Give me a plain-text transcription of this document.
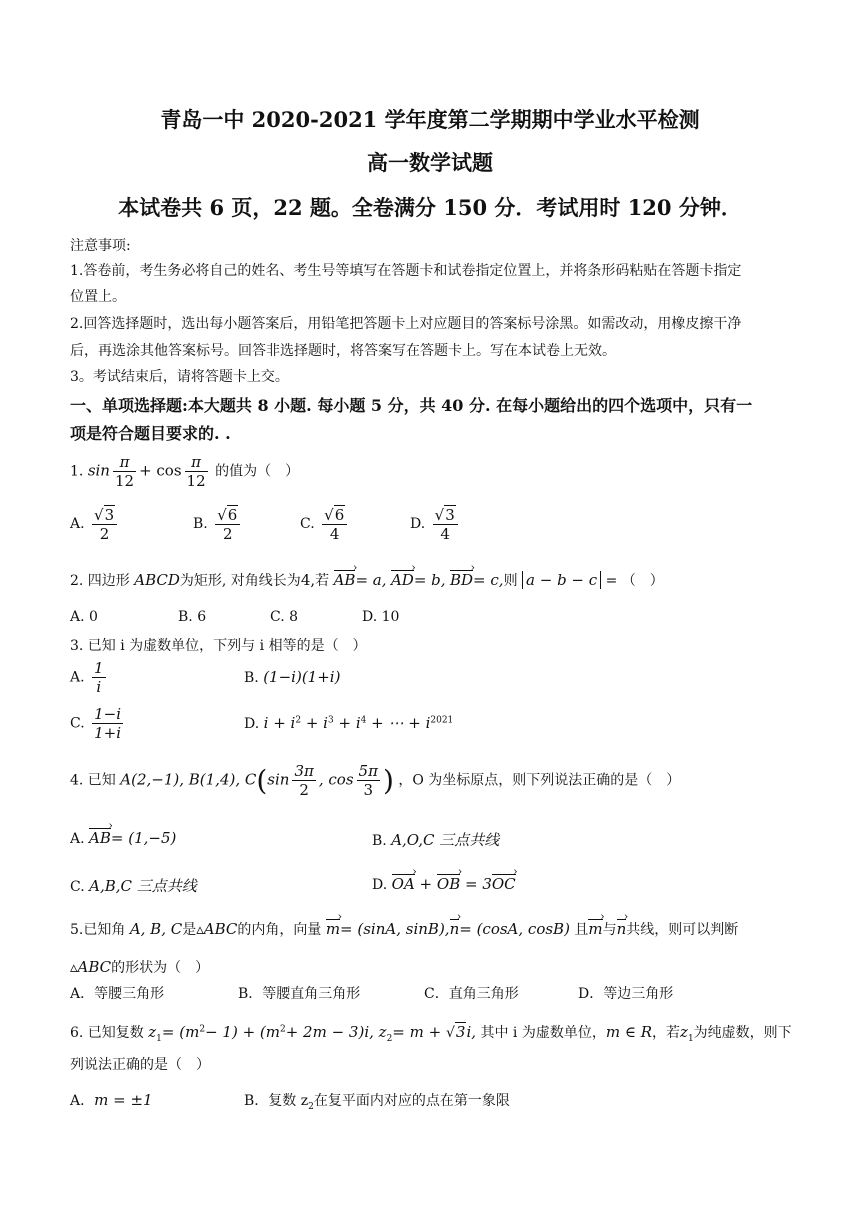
青岛一中 2020-2021 学年度第二学期期中学业水平检测
高一数学试题
本试卷共 6 页，22 题。全卷满分 150 分．考试用时 120 分钟．
注意事项:
1.答卷前，考生务必将自己的姓名、考生号等填写在答题卡和试卷指定位置上，并将条形码粘贴在答题卡指定
位置上。
2.回答选择题时，选出每小题答案后，用铅笔把答题卡上对应题目的答案标号涂黑。如需改动，用橡皮擦干净
后，再选涂其他答案标号。回答非选择题时，将答案写在答题卡上。写在本试卷上无效。
3。考试结束后，请将答题卡上交。
一、单项选择题:本大题共 8 小题. 每小题 5 分，共 40 分. 在每小题给出的四个选项中，只有一
项是符合题目要求的. .
1. $\sin \frac{\pi}{12} + \cos \frac{\pi}{12}$ 的值为（　）
A. $\frac{√3}{2}$	B. $\frac{√6}{2}$	C. $\frac{√6}{4}$	D. $\frac{√3}{4}$
2. 四边形 ABCD为矩形, 对角线长为4,若 AB ›= a, AD ›= b, BD ›= c,则 a − b − c = （　）
A. 0	B. 6	C. 8	D. 10
3. 已知 i 为虚数单位，下列与 i 相等的是（　）
A. $\frac{1}{i}$	B. (1−i)(1+i)
C. $\frac{1-i}{1+i}$	D. $i + i^2 + i^3 + i^4$ + ⋯ + $i^{2021}$
4. 已知 A(2,−1), B(1,4), $C(\sin \frac{3\pi}{2}$ , $\cos \frac{5\pi}{3}$ ) ，O 为坐标原点，则下列说法正确的是（　）
A. AB ›= (1,−5)	B. A,O,C 三点共线
C. A,B,C 三点共线	D. OA › + OB › = 3OC ›
5.已知角 A, B, C是▵ABC的内角，向量 m ›= (sinA, sinB),n ›= (cosA, cosB) 且m ›与n ›共线，则可以判断
▵ABC的形状为（　）
A．等腰三角形	B．等腰直角三角形	C．直角三角形	D．等边三角形
6. 已知复数 $z_1= (m^2- 1) + (m^2+ 2m - 3)i$, $z_2= m + √3i$, 其中 i 为虚数单位，m ∈ R，若$z_1$为纯虚数，则下
列说法正确的是（　）
A．m = ±1	B．复数 $z_2$在复平面内对应的点在第一象限
